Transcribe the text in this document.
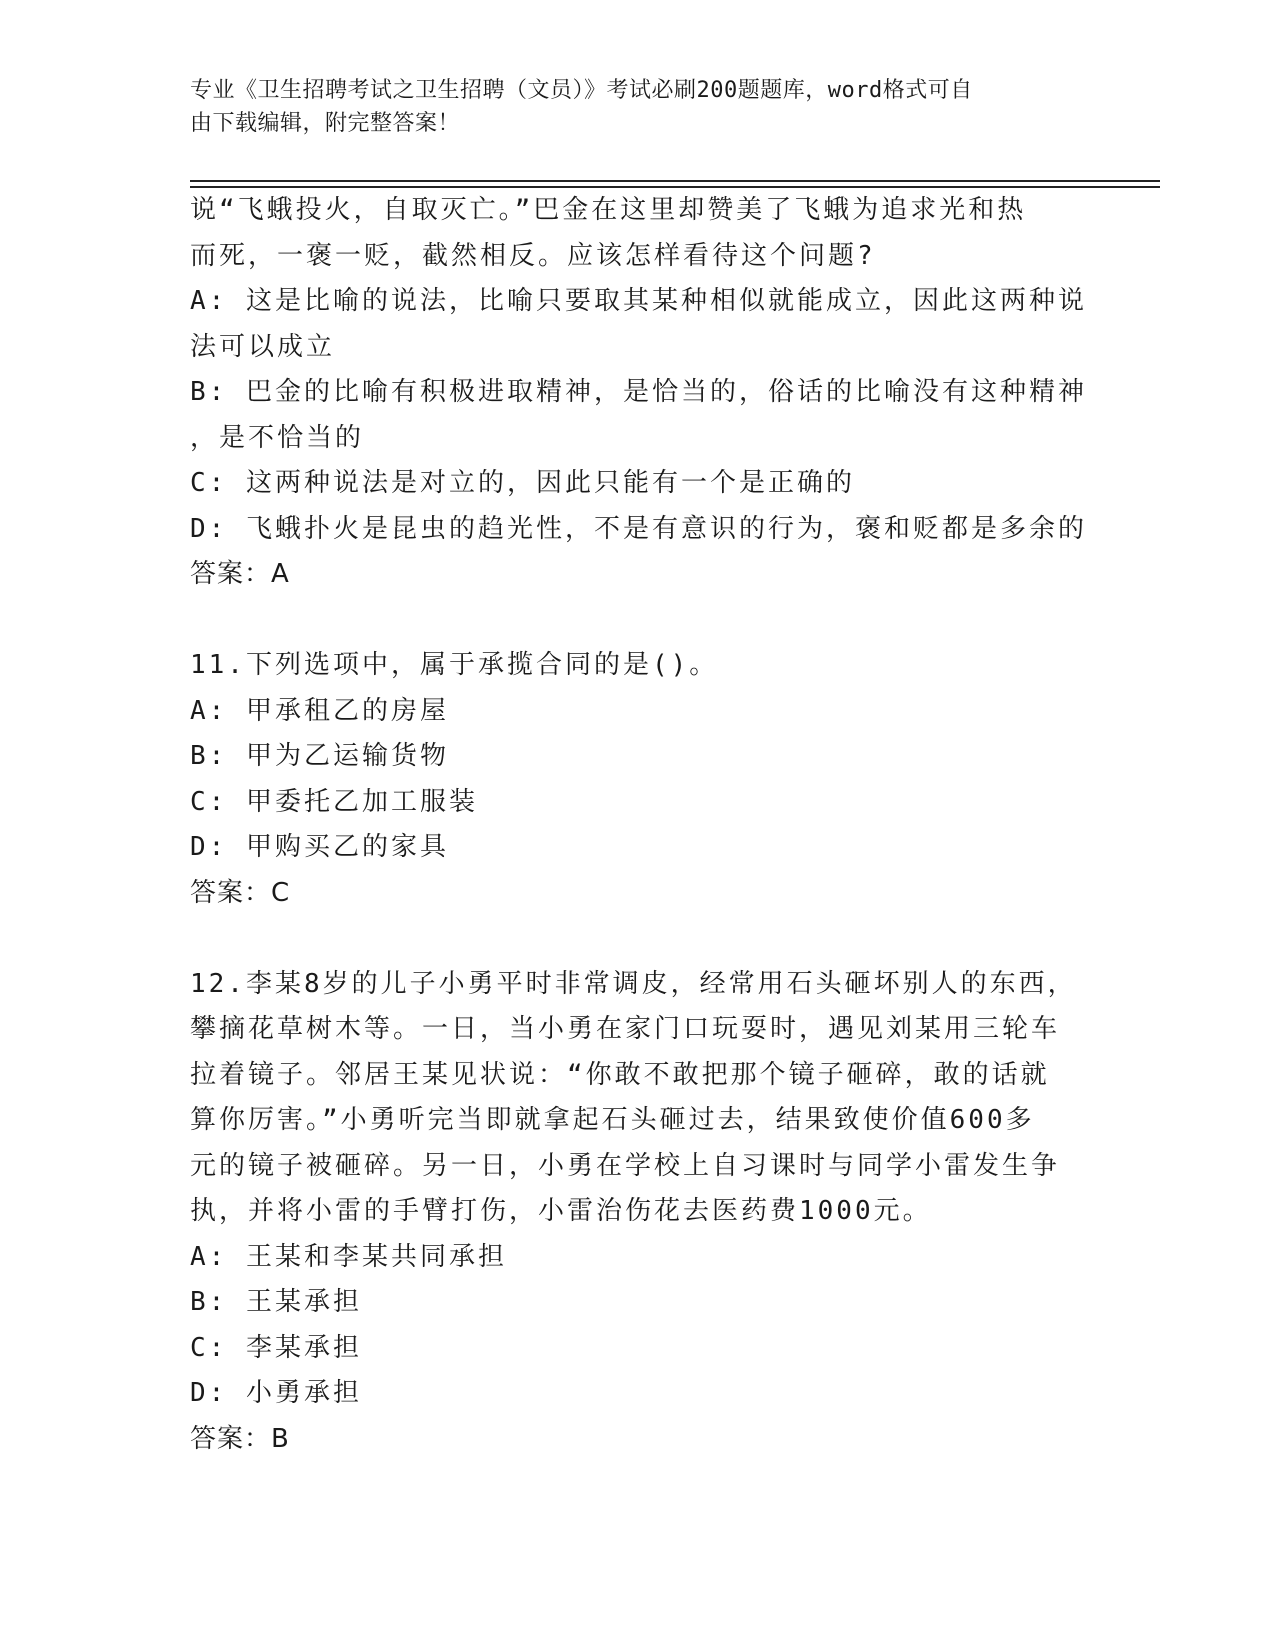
专业《卫生招聘考试之卫生招聘（文员）》考试必刷200题题库，word格式可自
由下载编辑，附完整答案！
说“飞蛾投火，自取灭亡。”巴金在这里却赞美了飞蛾为追求光和热
而死，一褒一贬，截然相反。应该怎样看待这个问题?
A: 这是比喻的说法，比喻只要取其某种相似就能成立，因此这两种说
法可以成立
B: 巴金的比喻有积极进取精神，是恰当的，俗话的比喻没有这种精神
，是不恰当的
C: 这两种说法是对立的，因此只能有一个是正确的
D: 飞蛾扑火是昆虫的趋光性，不是有意识的行为，褒和贬都是多余的
答案：A
11.下列选项中，属于承揽合同的是()。
A: 甲承租乙的房屋
B: 甲为乙运输货物
C: 甲委托乙加工服装
D: 甲购买乙的家具
答案：C
12.李某8岁的儿子小勇平时非常调皮，经常用石头砸坏别人的东西，
攀摘花草树木等。一日，当小勇在家门口玩耍时，遇见刘某用三轮车
拉着镜子。邻居王某见状说：“你敢不敢把那个镜子砸碎，敢的话就
算你厉害。”小勇听完当即就拿起石头砸过去，结果致使价值600多
元的镜子被砸碎。另一日，小勇在学校上自习课时与同学小雷发生争
执，并将小雷的手臂打伤，小雷治伤花去医药费1000元。
A: 王某和李某共同承担
B: 王某承担
C: 李某承担
D: 小勇承担
答案：B
